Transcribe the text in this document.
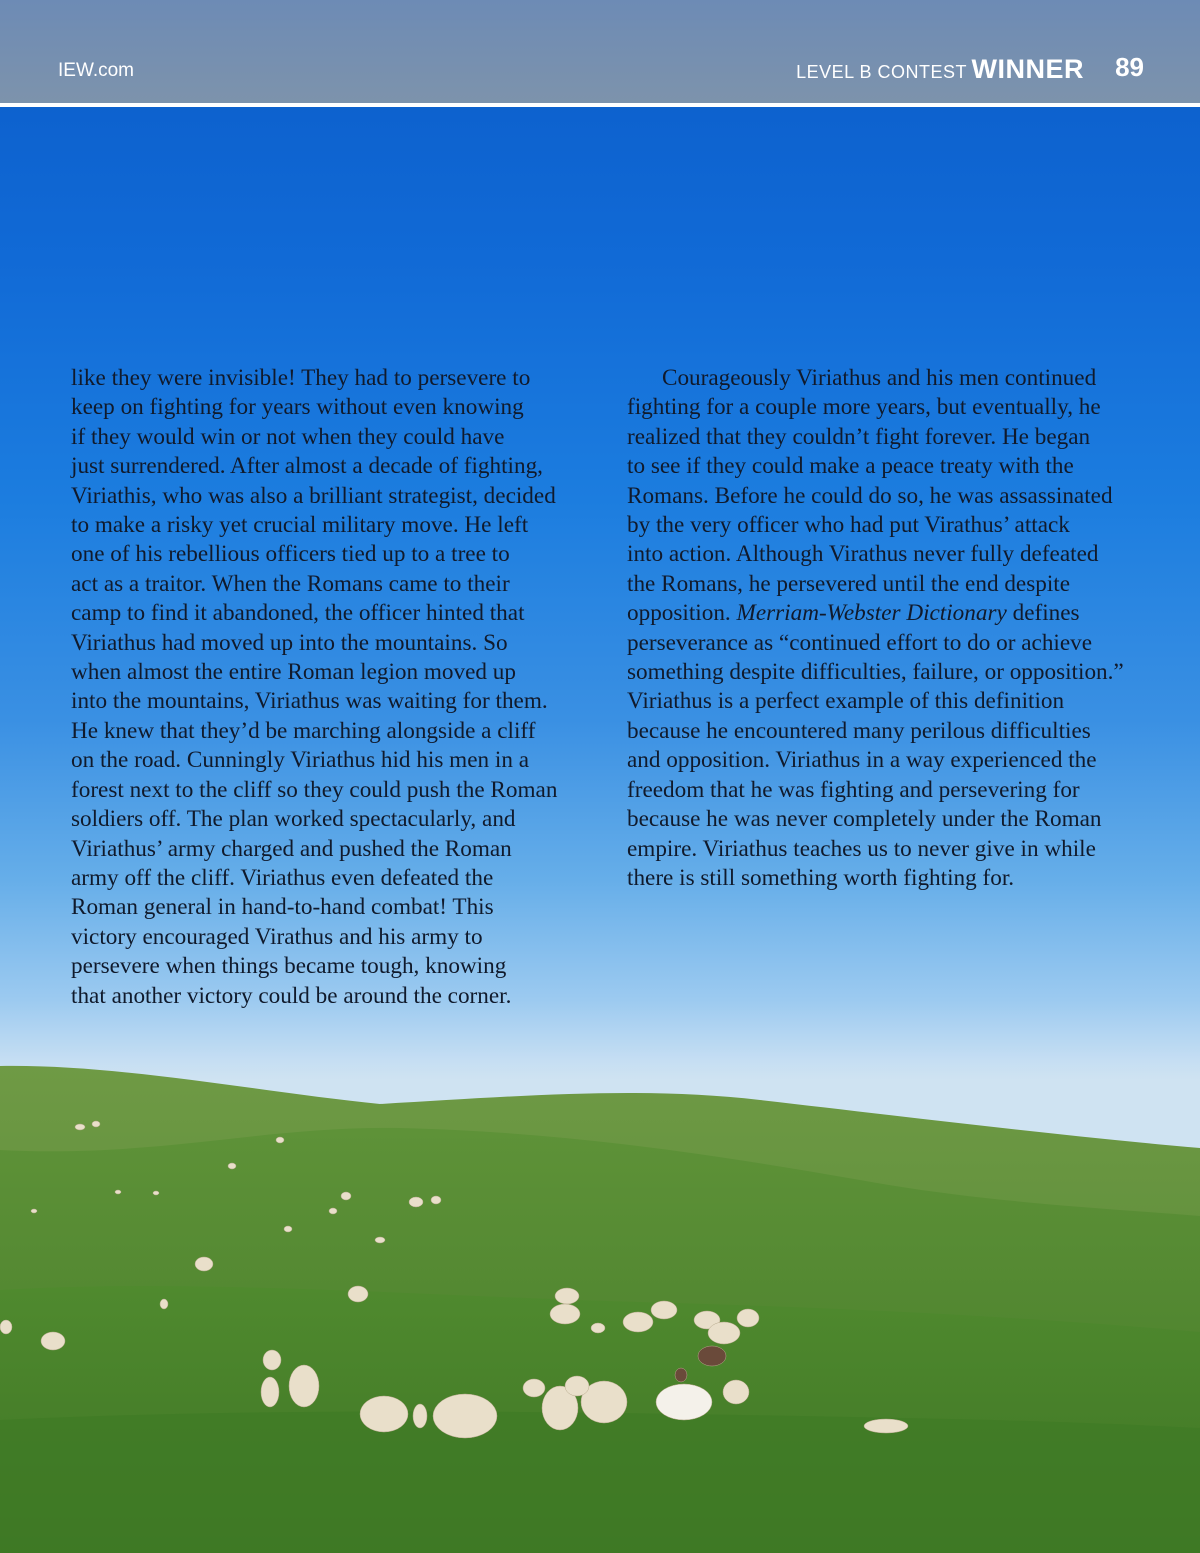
IEW.com	LEVEL B CONTEST WINNER 89

like they were invisible! They had to persevere to
keep on fighting for years without even knowing
if they would win or not when they could have
just surrendered. After almost a decade of fighting,
Viriathis, who was also a brilliant strategist, decided
to make a risky yet crucial military move. He left
one of his rebellious officers tied up to a tree to
act as a traitor. When the Romans came to their
camp to find it abandoned, the officer hinted that
Viriathus had moved up into the mountains. So
when almost the entire Roman legion moved up
into the mountains, Viriathus was waiting for them.
He knew that they’d be marching alongside a cliff
on the road. Cunningly Viriathus hid his men in a
forest next to the cliff so they could push the Roman
soldiers off. The plan worked spectacularly, and
Viriathus’ army charged and pushed the Roman
army off the cliff. Viriathus even defeated the
Roman general in hand-to-hand combat! This
victory encouraged Virathus and his army to
persevere when things became tough, knowing
that another victory could be around the corner.

Courageously Viriathus and his men continued
fighting for a couple more years, but eventually, he
realized that they couldn’t fight forever. He began
to see if they could make a peace treaty with the
Romans. Before he could do so, he was assassinated
by the very officer who had put Virathus’ attack
into action. Although Virathus never fully defeated
the Romans, he persevered until the end despite
opposition. Merriam-Webster Dictionary defines
perseverance as “continued effort to do or achieve
something despite difficulties, failure, or opposition.”
Viriathus is a perfect example of this definition
because he encountered many perilous difficulties
and opposition. Viriathus in a way experienced the
freedom that he was fighting and persevering for
because he was never completely under the Roman
empire. Viriathus teaches us to never give in while
there is still something worth fighting for.
